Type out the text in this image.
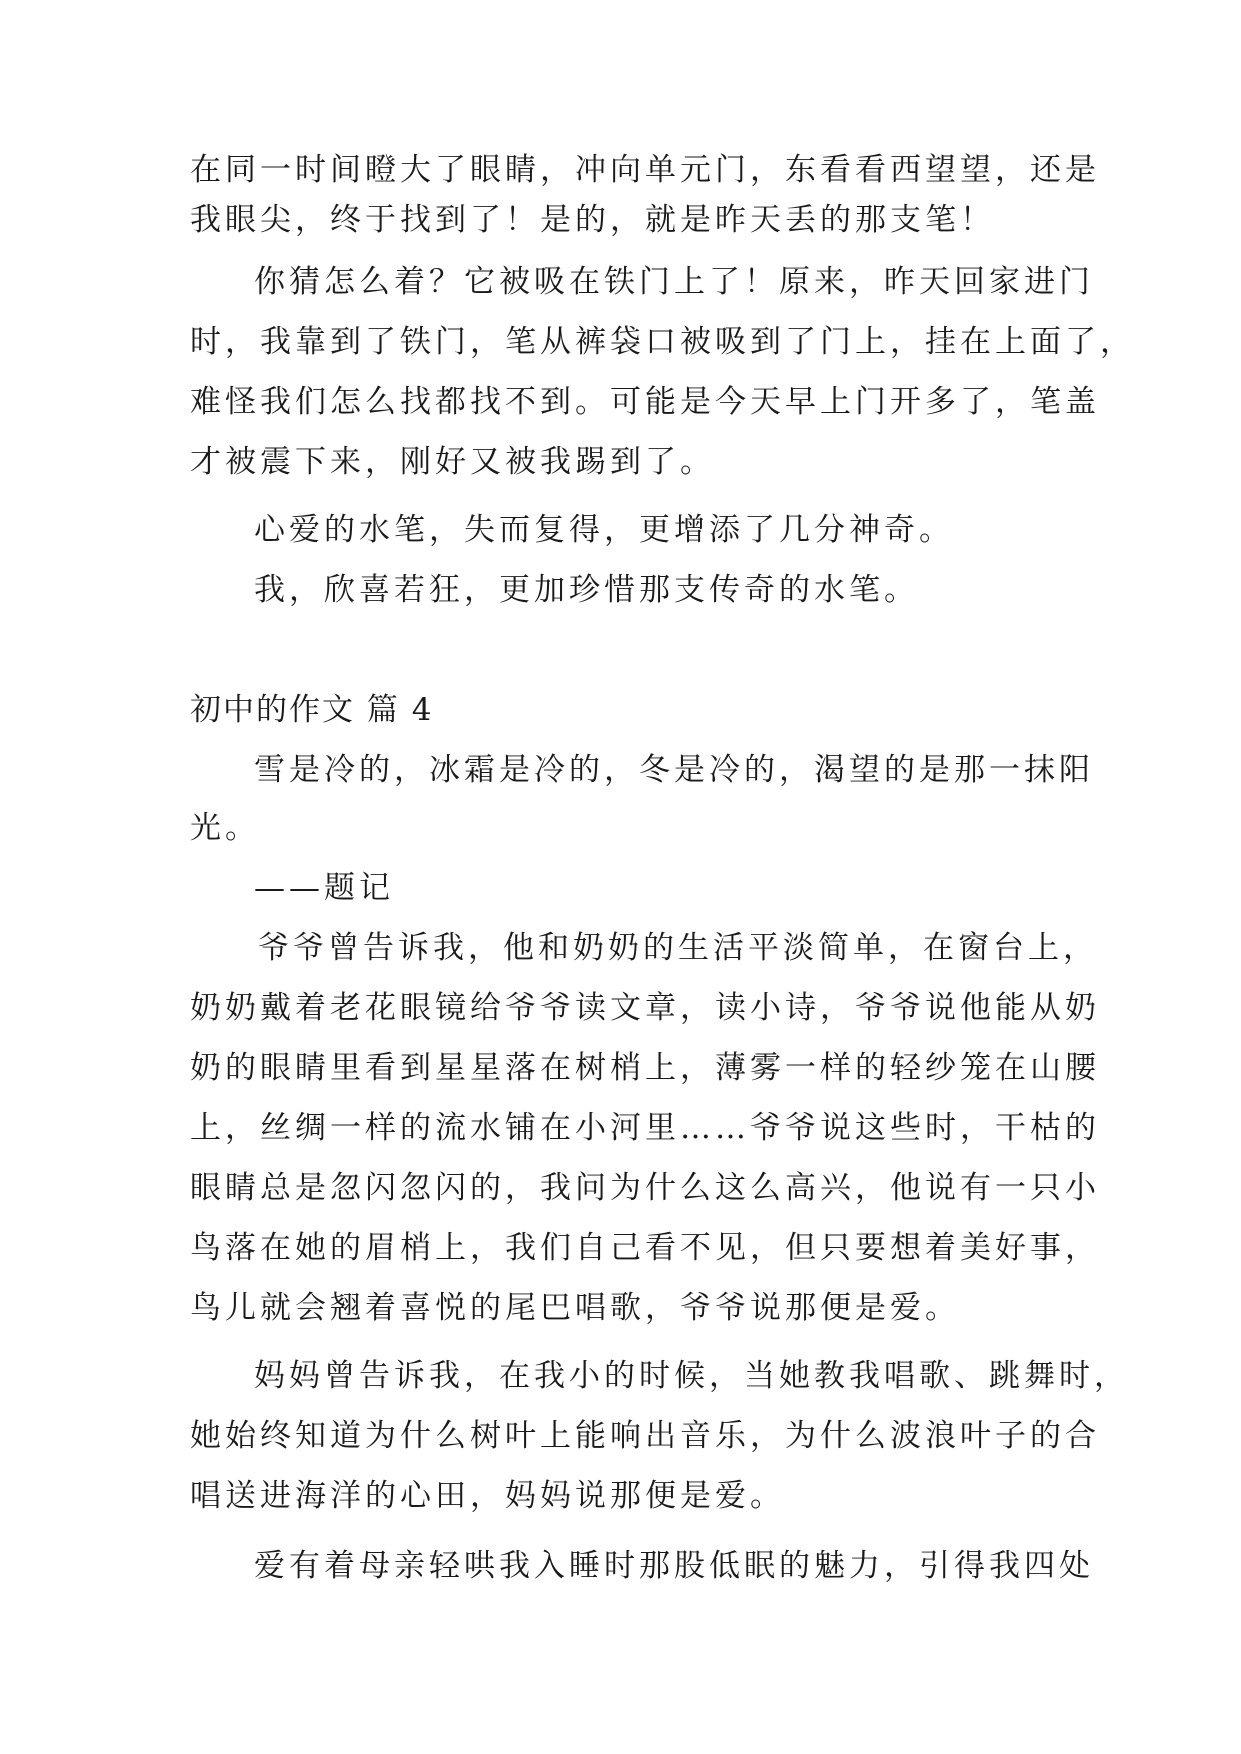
在同一时间瞪大了眼睛，冲向单元门，东看看西望望，还是
我眼尖，终于找到了！是的，就是昨天丢的那支笔！
你猜怎么着？它被吸在铁门上了！原来，昨天回家进门
时，我靠到了铁门，笔从裤袋口被吸到了门上，挂在上面了，
难怪我们怎么找都找不到。可能是今天早上门开多了，笔盖
才被震下来，刚好又被我踢到了。
心爱的水笔，失而复得，更增添了几分神奇。
我，欣喜若狂，更加珍惜那支传奇的水笔。
初中的作文 篇 4
雪是冷的，冰霜是冷的，冬是冷的，渴望的是那一抹阳
光。
——题记
爷爷曾告诉我，他和奶奶的生活平淡简单，在窗台上，
奶奶戴着老花眼镜给爷爷读文章，读小诗，爷爷说他能从奶
奶的眼睛里看到星星落在树梢上，薄雾一样的轻纱笼在山腰
上，丝绸一样的流水铺在小河里……爷爷说这些时，干枯的
眼睛总是忽闪忽闪的，我问为什么这么高兴，他说有一只小
鸟落在她的眉梢上，我们自己看不见，但只要想着美好事，
鸟儿就会翘着喜悦的尾巴唱歌，爷爷说那便是爱。
妈妈曾告诉我，在我小的时候，当她教我唱歌、跳舞时，
她始终知道为什么树叶上能响出音乐，为什么波浪叶子的合
唱送进海洋的心田，妈妈说那便是爱。
爱有着母亲轻哄我入睡时那股低眠的魅力，引得我四处
